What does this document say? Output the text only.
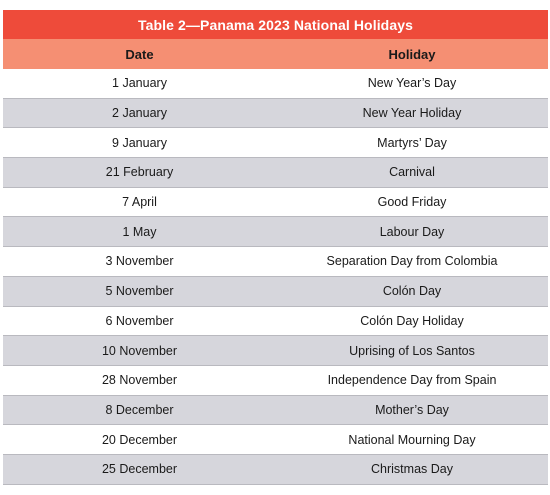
Table 2—Panama 2023 National Holidays
Date	Holiday
1 January	New Year’s Day
2 January	New Year Holiday
9 January	Martyrs’ Day
21 February	Carnival
7 April	Good Friday
1 May	Labour Day
3 November	Separation Day from Colombia
5 November	Colón Day
6 November	Colón Day Holiday
10 November	Uprising of Los Santos
28 November	Independence Day from Spain
8 December	Mother’s Day
20 December	National Mourning Day
25 December	Christmas Day
